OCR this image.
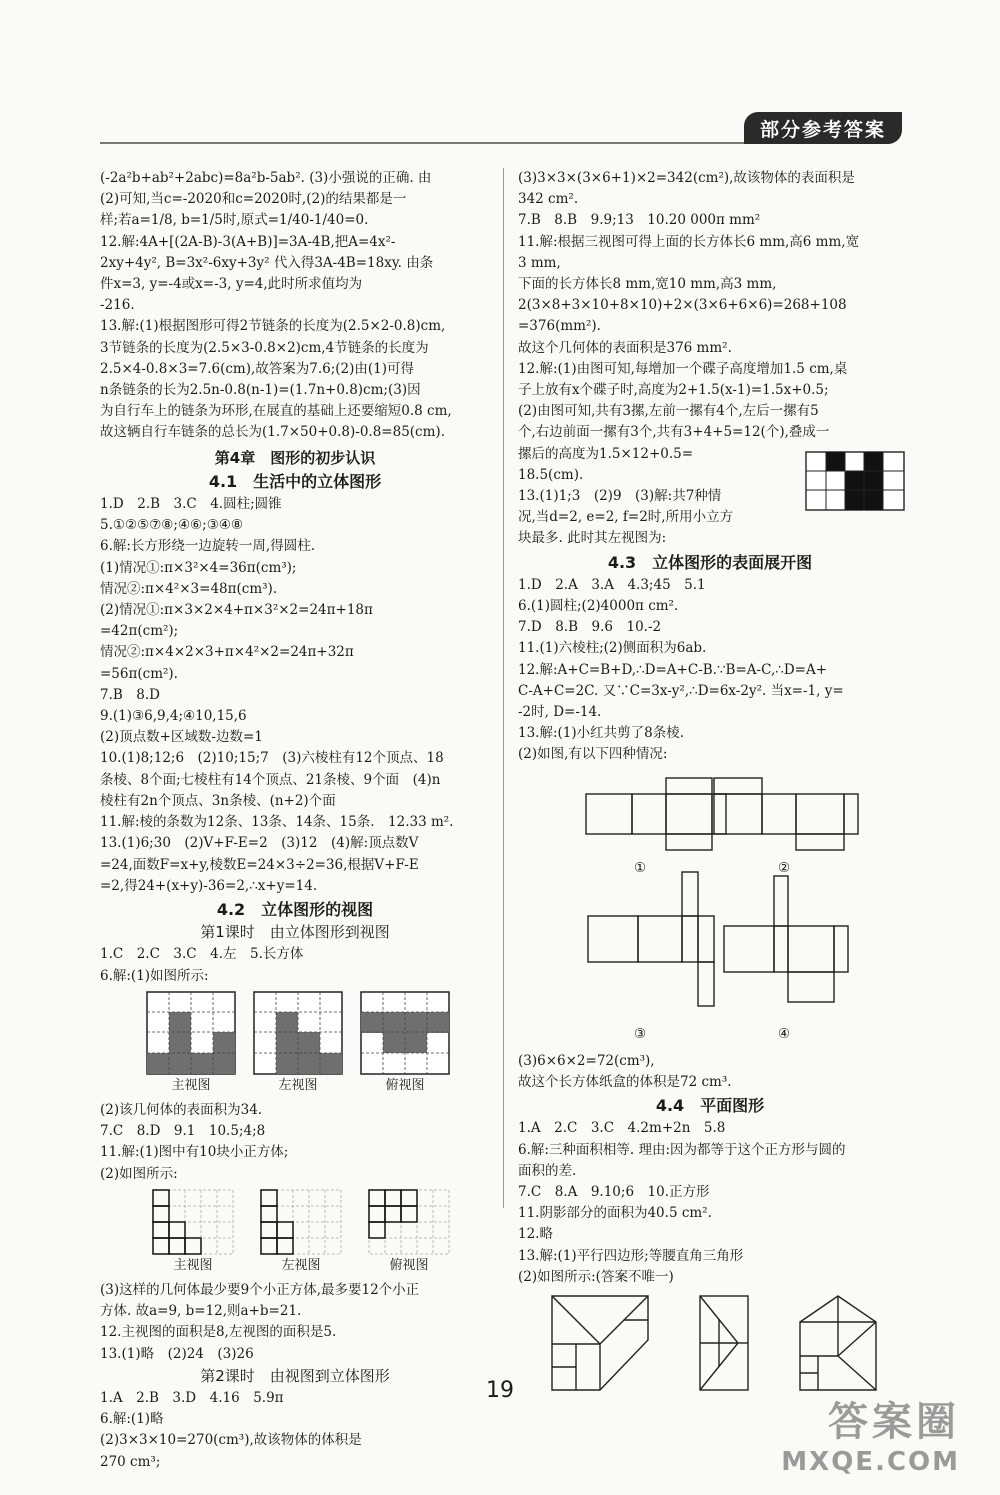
部分参考答案

(-2a²b+ab²+2abc)=8a²b-5ab². (3)小强说的正确. 由

(2)可知,当c=-2020和c=2020时,(2)的结果都是一

样;若a=1/8, b=1/5时,原式=1/40-1/40=0.

12.解:4A+[(2A-B)-3(A+B)]=3A-4B,把A=4x²-

2xy+4y², B=3x²-6xy+3y² 代入得3A-4B=18xy. 由条

件x=3, y=-4或x=-3, y=4,此时所求值均为

-216.

13.解:(1)根据图形可得2节链条的长度为(2.5×2-0.8)cm,

3节链条的长度为(2.5×3-0.8×2)cm,4节链条的长度为

2.5×4-0.8×3=7.6(cm),故答案为7.6;(2)由(1)可得

n条链条的长为2.5n-0.8(n-1)=(1.7n+0.8)cm;(3)因

为自行车上的链条为环形,在展直的基础上还要缩短0.8 cm,

故这辆自行车链条的总长为(1.7×50+0.8)-0.8=85(cm).

第4章　图形的初步认识
4.1　生活中的立体图形

1.D　2.B　3.C　4.圆柱;圆锥

5.①②⑤⑦⑧;④⑥;③④⑧

6.解:长方形绕一边旋转一周,得圆柱.

(1)情况①:π×3²×4=36π(cm³);

情况②:π×4²×3=48π(cm³).

(2)情况①:π×3×2×4+π×3²×2=24π+18π

=42π(cm²);

情况②:π×4×2×3+π×4²×2=24π+32π

=56π(cm²).

7.B　8.D

9.(1)③6,9,4;④10,15,6

(2)顶点数+区域数-边数=1

10.(1)8;12;6　(2)10;15;7　(3)六棱柱有12个顶点、18

条棱、8个面;七棱柱有14个顶点、21条棱、9个面　(4)n

棱柱有2n个顶点、3n条棱、(n+2)个面

11.解:棱的条数为12条、13条、14条、15条.　12.33 m².

13.(1)6;30　(2)V+F-E=2　(3)12　(4)解:顶点数V

=24,面数F=x+y,棱数E=24×3÷2=36,根据V+F-E

=2,得24+(x+y)-36=2,∴x+y=14.

4.2　立体图形的视图
第1课时　由立体图形到视图

1.C　2.C　3.C　4.左　5.长方体

6.解:(1)如图所示:

主视图	左视图	俯视图

(2)该几何体的表面积为34.

7.C　8.D　9.1　10.5;4;8

11.解:(1)图中有10块小正方体;

(2)如图所示:

主视图	左视图	俯视图

(3)这样的几何体最少要9个小正方体,最多要12个小正

方体. 故a=9, b=12,则a+b=21.

12.主视图的面积是8,左视图的面积是5.

13.(1)略　(2)24　(3)26

第2课时　由视图到立体图形

1.A　2.B　3.D　4.16　5.9π

6.解:(1)略

(2)3×3×10=270(cm³),故该物体的体积是

270 cm³;

(3)3×3×(3×6+1)×2=342(cm²),故该物体的表面积是

342 cm².

7.B　8.B　9.9;13　10.20 000π mm²

11.解:根据三视图可得上面的长方体长6 mm,高6 mm,宽

3 mm,

下面的长方体长8 mm,宽10 mm,高3 mm,

2(3×8+3×10+8×10)+2×(3×6+6×6)=268+108

=376(mm²).

故这个几何体的表面积是376 mm².

12.解:(1)由图可知,每增加一个碟子高度增加1.5 cm,桌

子上放有x个碟子时,高度为2+1.5(x-1)=1.5x+0.5;

(2)由图可知,共有3摞,左前一摞有4个,左后一摞有5

个,右边前面一摞有3个,共有3+4+5=12(个),叠成一

摞后的高度为1.5×12+0.5=

18.5(cm).

13.(1)1;3　(2)9　(3)解:共7种情

况,当d=2, e=2, f=2时,所用小立方

块最多. 此时其左视图为:

4.3　立体图形的表面展开图

1.D　2.A　3.A　4.3;45　5.1

6.(1)圆柱;(2)4000π cm².

7.D　8.B　9.6　10.-2

11.(1)六棱柱;(2)侧面积为6ab.

12.解:A+C=B+D,∴D=A+C-B.∵B=A-C,∴D=A+

C-A+C=2C. 又∵C=3x-y²,∴D=6x-2y². 当x=-1, y=

-2时, D=-14.

13.解:(1)小红共剪了8条棱.

(2)如图,有以下四种情况:

①	②
③	④

(3)6×6×2=72(cm³),

故这个长方体纸盒的体积是72 cm³.

4.4　平面图形

1.A　2.C　3.C　4.2m+2n　5.8

6.解:三种面积相等. 理由:因为都等于这个正方形与圆的

面积的差.

7.C　8.A　9.10;6　10.正方形

11.阴影部分的面积为40.5 cm².

12.略

13.解:(1)平行四边形;等腰直角三角形

(2)如图所示:(答案不唯一)

19
答案圈
MXQE.COM
